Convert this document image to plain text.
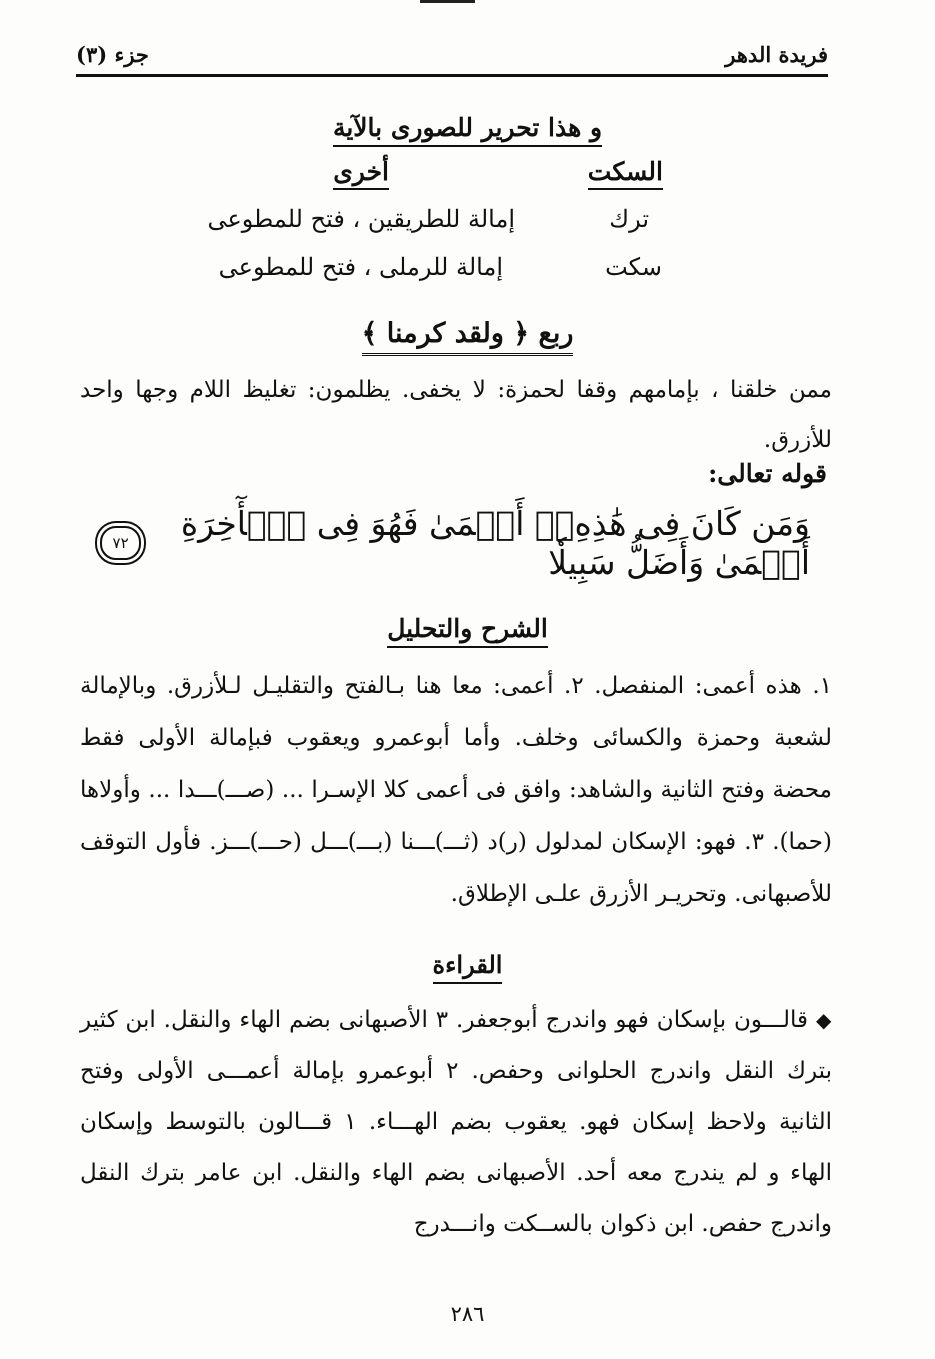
فريدة الدهر
جزء (٣)
و هذا تحرير للصورى بالآية
السكت
أخرى
ترك
إمالة للطريقين ، فتح للمطوعى
سكت
إمالة للرملى ، فتح للمطوعى
ربع ﴿ ولقد كرمنا ﴾
ممن خلقنا ، بإمامهم وقفا لحمزة: لا يخفى. يظلمون: تغليظ اللام وجها واحد للأزرق.
قوله تعالى:
وَمَن كَانَ فِى هَٰذِهِۦٓ أَعۡمَىٰ فَهُوَ فِى ٱلۡأٓخِرَةِ أَعۡمَىٰ وَأَضَلُّ سَبِيلٗا
٧٢
الشرح والتحليل
١. هذه أعمى: المنفصل. ٢. أعمى: معا هنا بـالفتح والتقليـل لـلأزرق. وبالإمالة لشعبة وحمزة والكسائى وخلف. وأما أبوعمرو ويعقوب فبإمالة الأولى فقط محضة وفتح الثانية والشاهد: وافق فى أعمى كلا الإسـرا ... (صـــ)ـــدا ... وأولاها (حما). ٣. فهو: الإسكان لمدلول (ر)د (ثـــ)ـــنا (بـــ)ـــل (حـــ)ـــز. فأول التوقف للأصبهانى. وتحريـر الأزرق علـى الإطلاق.
القراءة
◆قالـــون بإسكان فهو واندرج أبوجعفر. ٣ الأصبهانى بضم الهاء والنقل. ابن كثير بترك النقل واندرج الحلوانى وحفص. ٢ أبوعمرو بإمالة أعمـــى الأولى وفتح الثانية ولاحظ إسكان فهو. يعقوب بضم الهـــاء. ١ قـــالون بالتوسط وإسكان الهاء و لم يندرج معه أحد. الأصبهانى بضم الهاء والنقل. ابن عامر بترك النقل واندرج حفص. ابن ذكوان بالســكت وانـــدرج
٢٨٦
